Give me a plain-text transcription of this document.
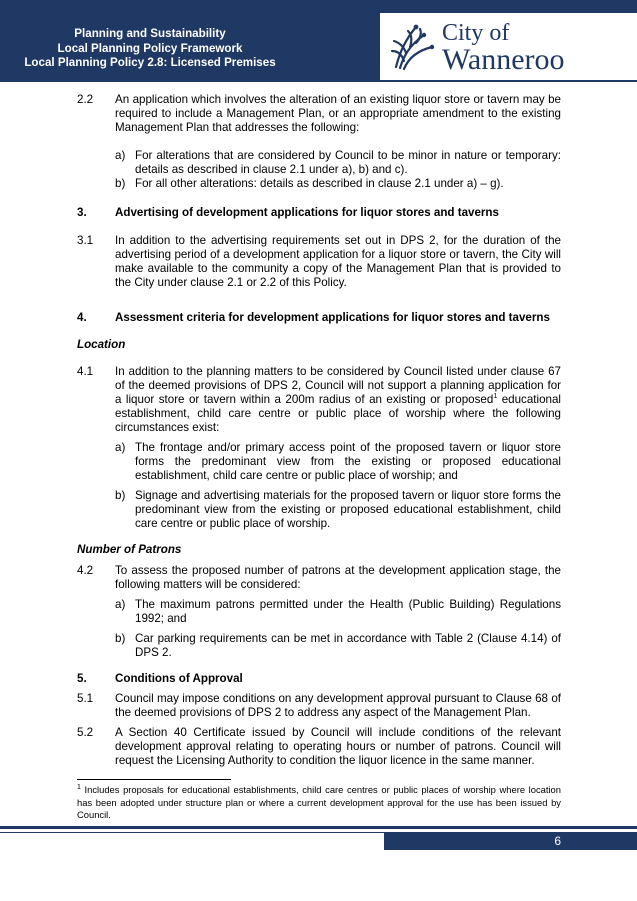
Planning and Sustainability
Local Planning Policy Framework
Local Planning Policy 2.8: Licensed Premises
City of
Wanneroo
2.2 An application which involves the alteration of an existing liquor store or tavern may be required to include a Management Plan, or an appropriate amendment to the existing Management Plan that addresses the following:
a) For alterations that are considered by Council to be minor in nature or temporary: details as described in clause 2.1 under a), b) and c).
b) For all other alterations: details as described in clause 2.1 under a) – g).
3. Advertising of development applications for liquor stores and taverns
3.1 In addition to the advertising requirements set out in DPS 2, for the duration of the advertising period of a development application for a liquor store or tavern, the City will make available to the community a copy of the Management Plan that is provided to the City under clause 2.1 or 2.2 of this Policy.
4. Assessment criteria for development applications for liquor stores and taverns
Location
4.1 In addition to the planning matters to be considered by Council listed under clause 67 of the deemed provisions of DPS 2, Council will not support a planning application for a liquor store or tavern within a 200m radius of an existing or proposed$^1$ educational establishment, child care centre or public place of worship where the following circumstances exist:
a) The frontage and/or primary access point of the proposed tavern or liquor store forms the predominant view from the existing or proposed educational establishment, child care centre or public place of worship; and
b) Signage and advertising materials for the proposed tavern or liquor store forms the predominant view from the existing or proposed educational establishment, child care centre or public place of worship.
Number of Patrons
4.2 To assess the proposed number of patrons at the development application stage, the following matters will be considered:
a) The maximum patrons permitted under the Health (Public Building) Regulations 1992; and
b) Car parking requirements can be met in accordance with Table 2 (Clause 4.14) of DPS 2.
5. Conditions of Approval
5.1 Council may impose conditions on any development approval pursuant to Clause 68 of the deemed provisions of DPS 2 to address any aspect of the Management Plan.
5.2 A Section 40 Certificate issued by Council will include conditions of the relevant development approval relating to operating hours or number of patrons. Council will request the Licensing Authority to condition the liquor licence in the same manner.
$^1$ Includes proposals for educational establishments, child care centres or public places of worship where location has been adopted under structure plan or where a current development approval for the use has been issued by Council.
6
